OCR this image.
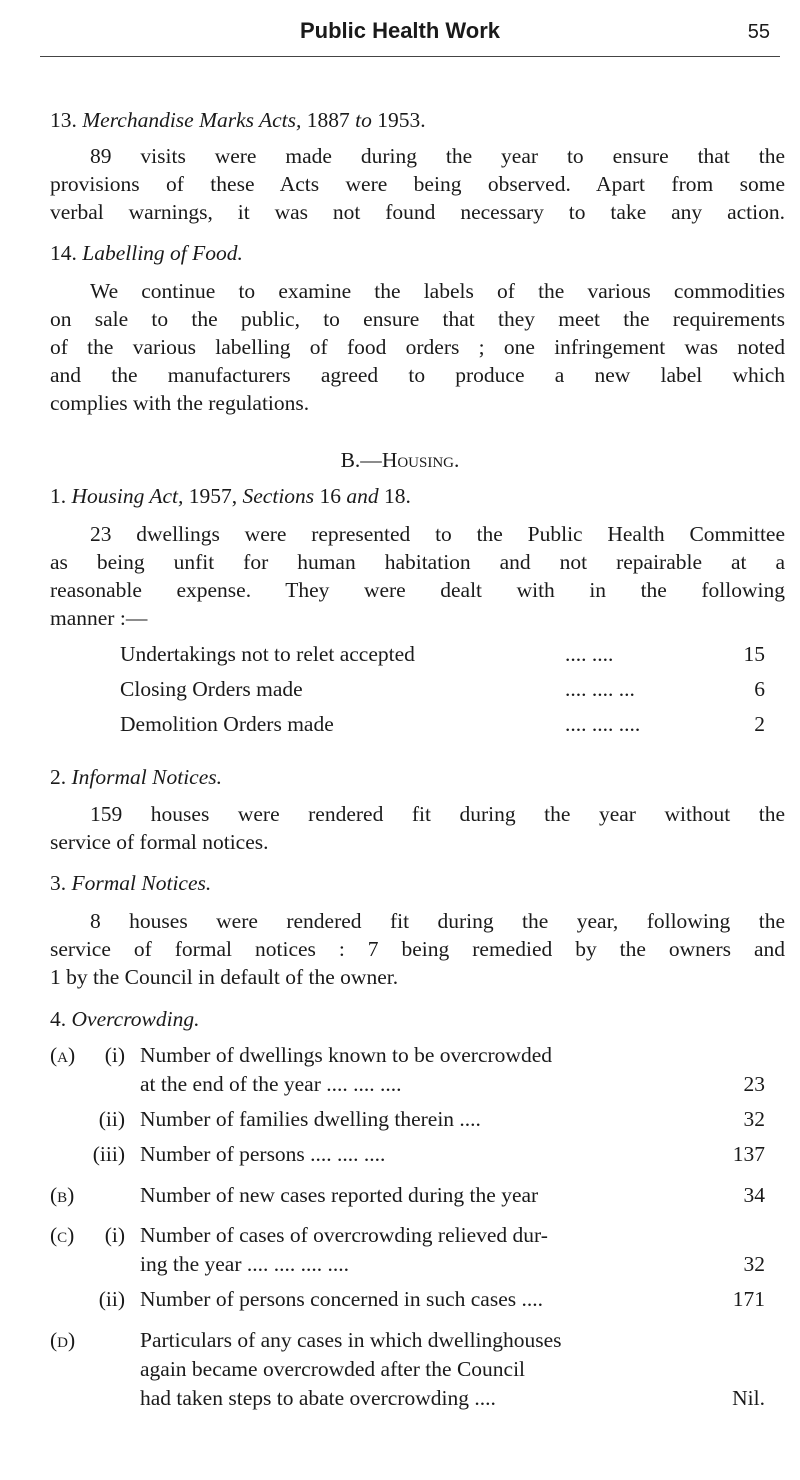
Public Health Work	55
13. Merchandise Marks Acts, 1887 to 1953.
89 visits were made during the year to ensure that the
provisions of these Acts were being observed. Apart from some
verbal warnings, it was not found necessary to take any action.
14. Labelling of Food.
We continue to examine the labels of the various commodities
on sale to the public, to ensure that they meet the requirements
of the various labelling of food orders ; one infringement was noted
and the manufacturers agreed to produce a new label which
complies with the regulations.
B.—Housing.
1. Housing Act, 1957, Sections 16 and 18.
23 dwellings were represented to the Public Health Committee
as being unfit for human habitation and not repairable at a
reasonable expense. They were dealt with in the following
manner :—
Undertakings not to relet accepted	.... ....	15
Closing Orders made	.... .... ...	6
Demolition Orders made	.... .... ....	2
2. Informal Notices.
159 houses were rendered fit during the year without the
service of formal notices.
3. Formal Notices.
8 houses were rendered fit during the year, following the
service of formal notices : 7 being remedied by the owners and
1 by the Council in default of the owner.
4. Overcrowding.
(a)	(i) Number of dwellings known to be overcrowded
at the end of the year .... .... ....	23
(ii) Number of families dwelling therein ....	32
(iii) Number of persons .... .... ....	137
(b)	Number of new cases reported during the year	34
(c)	(i) Number of cases of overcrowding relieved dur-
ing the year .... .... .... ....	32
(ii) Number of persons concerned in such cases ....	171
(d)	Particulars of any cases in which dwellinghouses
again became overcrowded after the Council
had taken steps to abate overcrowding ....	Nil.
